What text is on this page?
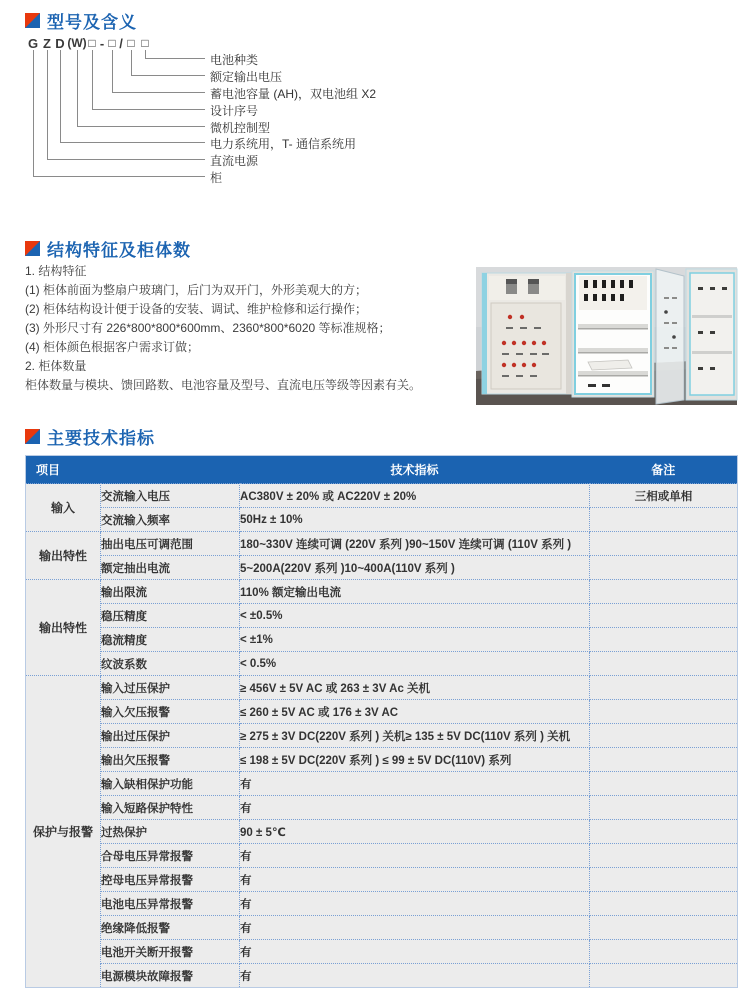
型号及含义
G Z D (W) □ - □ / □ □
电池种类
额定输出电压
蓄电池容量 (AH)，双电池组 X2
设计序号
微机控制型
电力系统用，T- 通信系统用
直流电源
柜
结构特征及柜体数
1. 结构特征
(1) 柜体前面为整扇户玻璃门，后门为双开门，外形美观大的方；
(2) 柜体结构设计便于设备的安装、调试、维护检修和运行操作；
(3) 外形尺寸有 226*800*800*600mm、2360*800*6020 等标准规格；
(4) 柜体颜色根据客户需求订做；
2. 柜体数量
柜体数量与模块、馈回路数、电池容量及型号、直流电压等级等因素有关。
主要技术指标
项目		技术指标	备注
输入	交流输入电压	AC380V ± 20% 或 AC220V ± 20%	三相或单相
	交流输入频率	50Hz ± 10%	
输出特性	抽出电压可调范围	180~330V 连续可调 (220V 系列 )90~150V 连续可调 (110V 系列 )	
	额定抽出电流	5~200A(220V 系列 )10~400A(110V 系列 )	
输出特性	输出限流	110% 额定输出电流	
	稳压精度	< ±0.5%	
	稳流精度	< ±1%	
	纹波系数	< 0.5%	
保护与报警	输入过压保护	≥ 456V ± 5V AC 或 263 ± 3V Ac 关机	
	输入欠压报警	≤ 260 ± 5V AC 或 176 ± 3V AC	
	输出过压保护	≥ 275 ± 3V DC(220V 系列 ) 关机≥ 135 ± 5V DC(110V 系列 ) 关机	
	输出欠压报警	≤ 198 ± 5V DC(220V 系列 ) ≤ 99 ± 5V DC(110V) 系列	
	输入缺相保护功能	有	
	输入短路保护特性	有	
	过热保护	90 ± 5℃	
	合母电压异常报警	有	
	控母电压异常报警	有	
	电池电压异常报警	有	
	绝缘降低报警	有	
	电池开关断开报警	有	
	电源模块故障报警	有	
